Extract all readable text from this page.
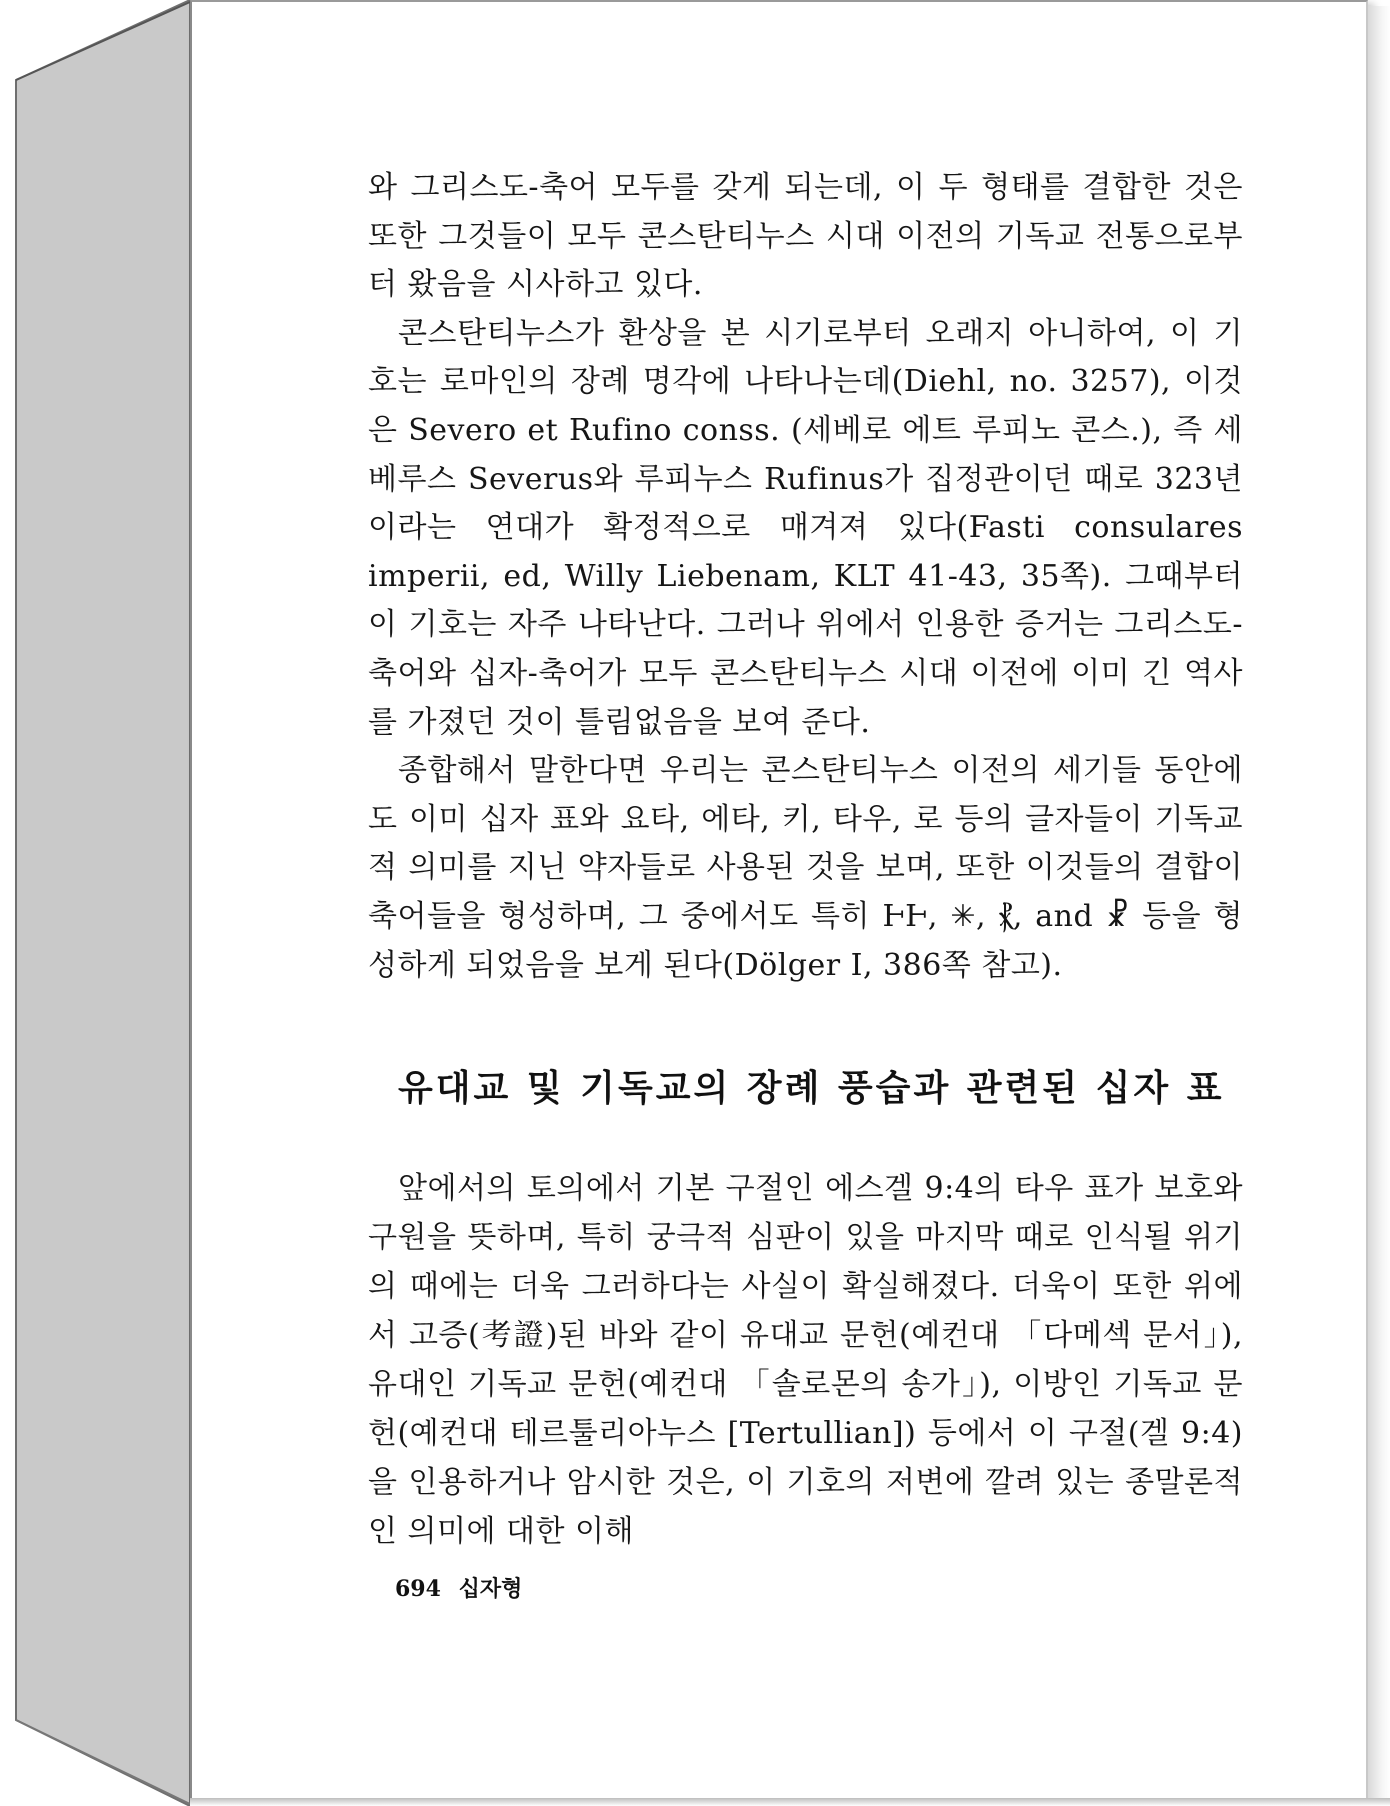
와 그리스도-축어 모두를 갖게 되는데, 이 두 형태를 결합한 것은 또한 그것들이 모두 콘스탄티누스 시대 이전의 기독교 전통으로부터 왔음을 시사하고 있다.

콘스탄티누스가 환상을 본 시기로부터 오래지 아니하여, 이 기호는 로마인의 장례 명각에 나타나는데(Diehl, no. 3257), 이것은 Severo et Rufino conss. (세베로 에트 루피노 콘스.), 즉 세베루스 Severus와 루피누스 Rufinus가 집정관이던 때로 323년이라는 연대가 확정적으로 매겨져 있다(Fasti consulares imperii, ed, Willy Liebenam, KLT 41-43, 35쪽). 그때부터 이 기호는 자주 나타난다. 그러나 위에서 인용한 증거는 그리스도-축어와 십자-축어가 모두 콘스탄티누스 시대 이전에 이미 긴 역사를 가졌던 것이 틀림없음을 보여 준다.

종합해서 말한다면 우리는 콘스탄티누스 이전의 세기들 동안에도 이미 십자 표와 요타, 에타, 키, 타우, 로 등의 글자들이 기독교적 의미를 지닌 약자들로 사용된 것을 보며, 또한 이것들의 결합이 축어들을 형성하며, 그 중에서도 특히 ⱵⱵ, ✳, ⳩, and ☧ 등을 형성하게 되었음을 보게 된다(Dölger I, 386쪽 참고).

유대교 및 기독교의 장례 풍습과 관련된 십자 표

앞에서의 토의에서 기본 구절인 에스겔 9:4의 타우 표가 보호와 구원을 뜻하며, 특히 궁극적 심판이 있을 마지막 때로 인식될 위기의 때에는 더욱 그러하다는 사실이 확실해졌다. 더욱이 또한 위에서 고증(考證)된 바와 같이 유대교 문헌(예컨대 「다메섹 문서」), 유대인 기독교 문헌(예컨대 「솔로몬의 송가」), 이방인 기독교 문헌(예컨대 테르툴리아누스 [Tertullian]) 등에서 이 구절(겔 9:4)을 인용하거나 암시한 것은, 이 기호의 저변에 깔려 있는 종말론적인 의미에 대한 이해

694 십자형
